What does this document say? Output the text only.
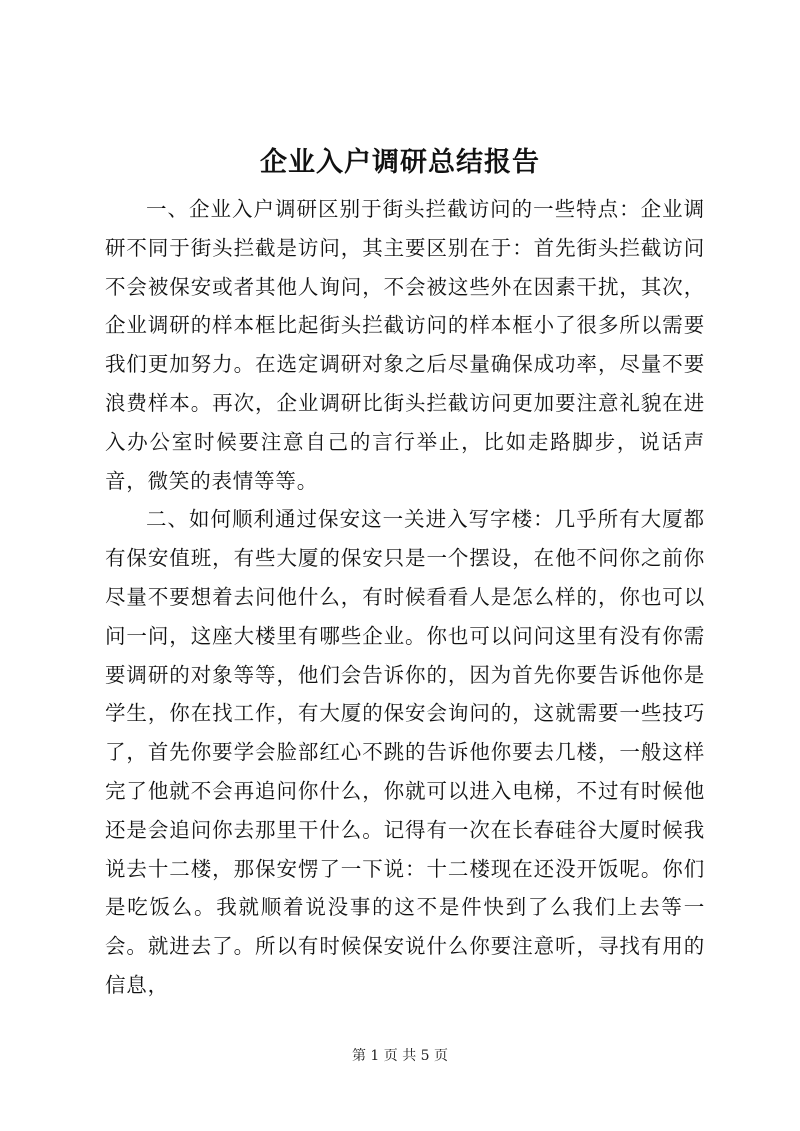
企业入户调研总结报告

一、企业入户调研区别于街头拦截访问的一些特点：企业调研不同于街头拦截是访问，其主要区别在于：首先街头拦截访问不会被保安或者其他人询问，不会被这些外在因素干扰，其次，企业调研的样本框比起街头拦截访问的样本框小了很多所以需要我们更加努力。在选定调研对象之后尽量确保成功率，尽量不要浪费样本。再次，企业调研比街头拦截访问更加要注意礼貌在进入办公室时候要注意自己的言行举止，比如走路脚步，说话声音，微笑的表情等等。

二、如何顺利通过保安这一关进入写字楼：几乎所有大厦都有保安值班，有些大厦的保安只是一个摆设，在他不问你之前你尽量不要想着去问他什么，有时候看看人是怎么样的，你也可以问一问，这座大楼里有哪些企业。你也可以问问这里有没有你需要调研的对象等等，他们会告诉你的，因为首先你要告诉他你是学生，你在找工作，有大厦的保安会询问的，这就需要一些技巧了，首先你要学会脸部红心不跳的告诉他你要去几楼，一般这样完了他就不会再追问你什么，你就可以进入电梯，不过有时候他还是会追问你去那里干什么。记得有一次在长春硅谷大厦时候我说去十二楼，那保安愣了一下说：十二楼现在还没开饭呢。你们是吃饭么。我就顺着说没事的这不是件快到了么我们上去等一会。就进去了。所以有时候保安说什么你要注意听，寻找有用的信息，

第 1 页 共 5 页
